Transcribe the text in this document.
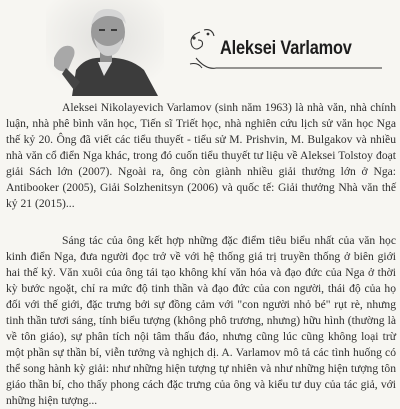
Aleksei Varlamov

Aleksei Nikolayevich Varlamov (sinh năm 1963) là nhà văn, nhà chính luận, nhà phê bình văn học, Tiến sĩ Triết học, nhà nghiên cứu lịch sử văn học Nga thế kỷ 20. Ông đã viết các tiểu thuyết - tiểu sử M. Prishvin, M. Bulgakov và nhiều nhà văn cổ điển Nga khác, trong đó cuốn tiểu thuyết tư liệu về Aleksei Tolstoy đoạt giải Sách lớn (2007). Ngoài ra, ông còn giành nhiều giải thưởng lớn ở Nga: Antibooker (2005), Giải Solzhenitsyn (2006) và quốc tế: Giải thưởng Nhà văn thế kỷ 21 (2015)...

Sáng tác của ông kết hợp những đặc điểm tiêu biểu nhất của văn học kinh điển Nga, đưa người đọc trở về với hệ thống giá trị truyền thống ở biên giới hai thế kỷ. Văn xuôi của ông tái tạo không khí văn hóa và đạo đức của Nga ở thời kỳ bước ngoặt, chỉ ra mức độ tinh thần và đạo đức của con người, thái độ của họ đối với thế giới, đặc trưng bởi sự đồng cảm với "con người nhỏ bé" rụt rè, nhưng tinh thần tươi sáng, tính biểu tượng (không phô trương, nhưng) hữu hình (thường là về tôn giáo), sự phân tích nội tâm thấu đáo, nhưng cũng lúc cũng không loại trừ một phần sự thần bí, viễn tưởng và nghịch dị. A. Varlamov mô tả các tình huống có thể song hành kỳ giải: như những hiện tượng tự nhiên và như những hiện tượng tôn giáo thần bí, cho thấy phong cách đặc trưng của ông và kiểu tư duy của tác giả, với những hiện tượng...
